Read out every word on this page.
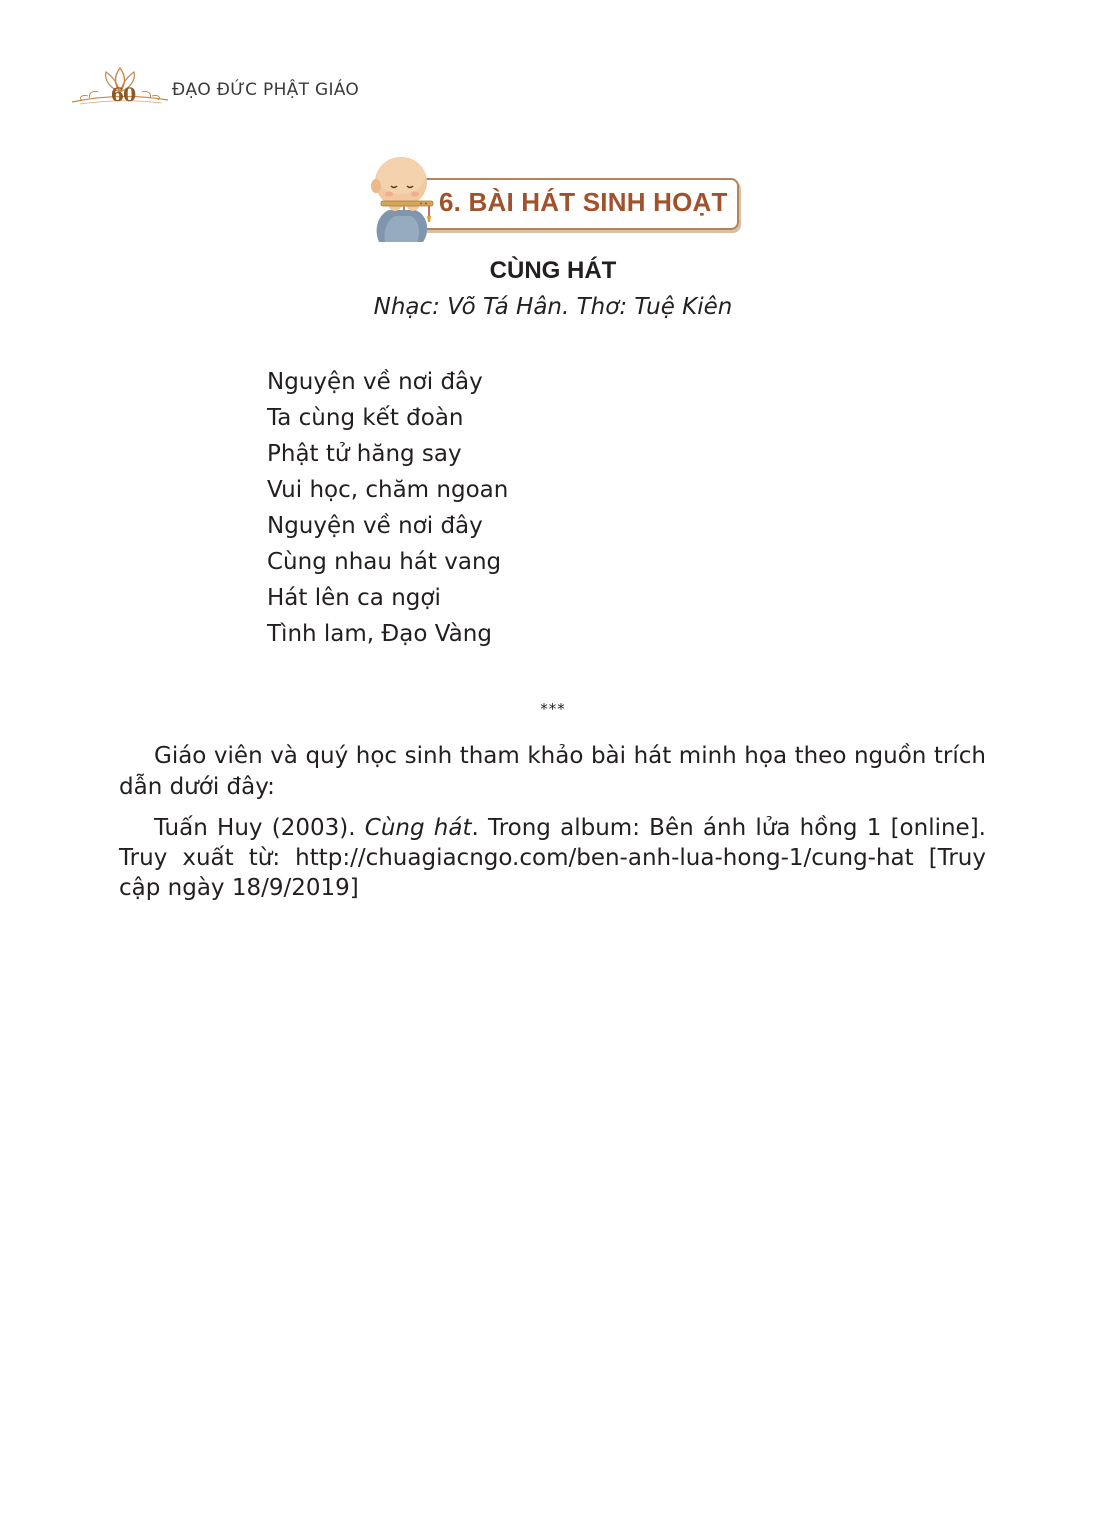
60 ĐẠO ĐỨC PHẬT GIÁO
6. BÀI HÁT SINH HOẠT
CÙNG HÁT
Nhạc: Võ Tá Hân. Thơ: Tuệ Kiên
Nguyện về nơi đây
Ta cùng kết đoàn
Phật tử hăng say
Vui học, chăm ngoan
Nguyện về nơi đây
Cùng nhau hát vang
Hát lên ca ngợi
Tình lam, Đạo Vàng
***

Giáo viên và quý học sinh tham khảo bài hát minh họa theo nguồn trích dẫn dưới đây:

Tuấn Huy (2003). Cùng hát. Trong album: Bên ánh lửa hồng 1 [online]. Truy xuất từ: http://chuagiacngo.com/ben-anh-lua-hong-1/cung-hat [Truy cập ngày 18/9/2019]
